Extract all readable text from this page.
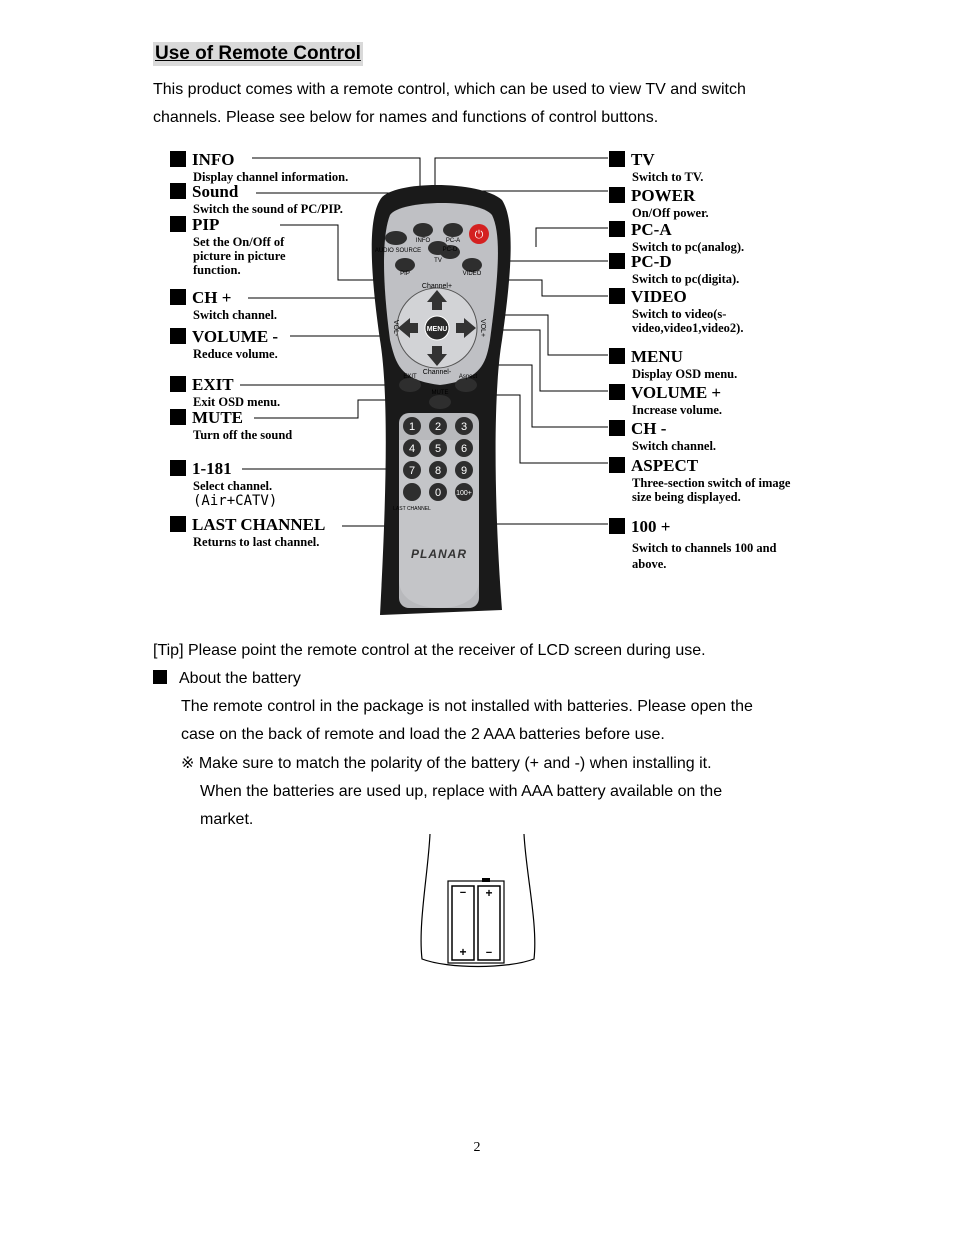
Use of Remote Control
This product comes with a remote control, which can be used to view TV and switch
channels. Please see below for names and functions of control buttons.
⏻
AUDIO SOURCE
INFO	PC-A
TV
PC-D
PIP	VIDEO
MENU
Channel+
Channel-
VOL-	VOL+
EXIT	Aspect
MUTE
1 2 3
4 5 6
7 8 9
0 100+
LAST CHANNEL
PLANAR
INFO
Display channel information.
Sound
Switch the sound of PC/PIP.
PIP
Set the On/Off of picture in picture function.
CH +
Switch channel.
VOLUME -
Reduce volume.
EXIT
Exit OSD menu.
MUTE
Turn off the sound
1-181
Select channel.
(Air+CATV)
LAST CHANNEL
Returns to last channel.
TV
Switch to TV.
POWER
On/Off power.
PC-A
Switch to pc(analog).
PC-D
Switch to pc(digita).
VIDEO
Switch to video(s-video,video1,video2).
MENU
Display OSD menu.
VOLUME +
Increase volume.
CH -
Switch channel.
ASPECT
Three-section switch of image size being displayed.
100 +
Switch to channels 100 and above.
[Tip] Please point the remote control at the receiver of LCD screen during use.
About the battery
The remote control in the package is not installed with batteries. Please open the
case on the back of remote and load the 2 AAA batteries before use.
※ Make sure to match the polarity of the battery (+ and -) when installing it.
When the batteries are used up, replace with AAA battery available on the
market.
−
+
+
−
2
